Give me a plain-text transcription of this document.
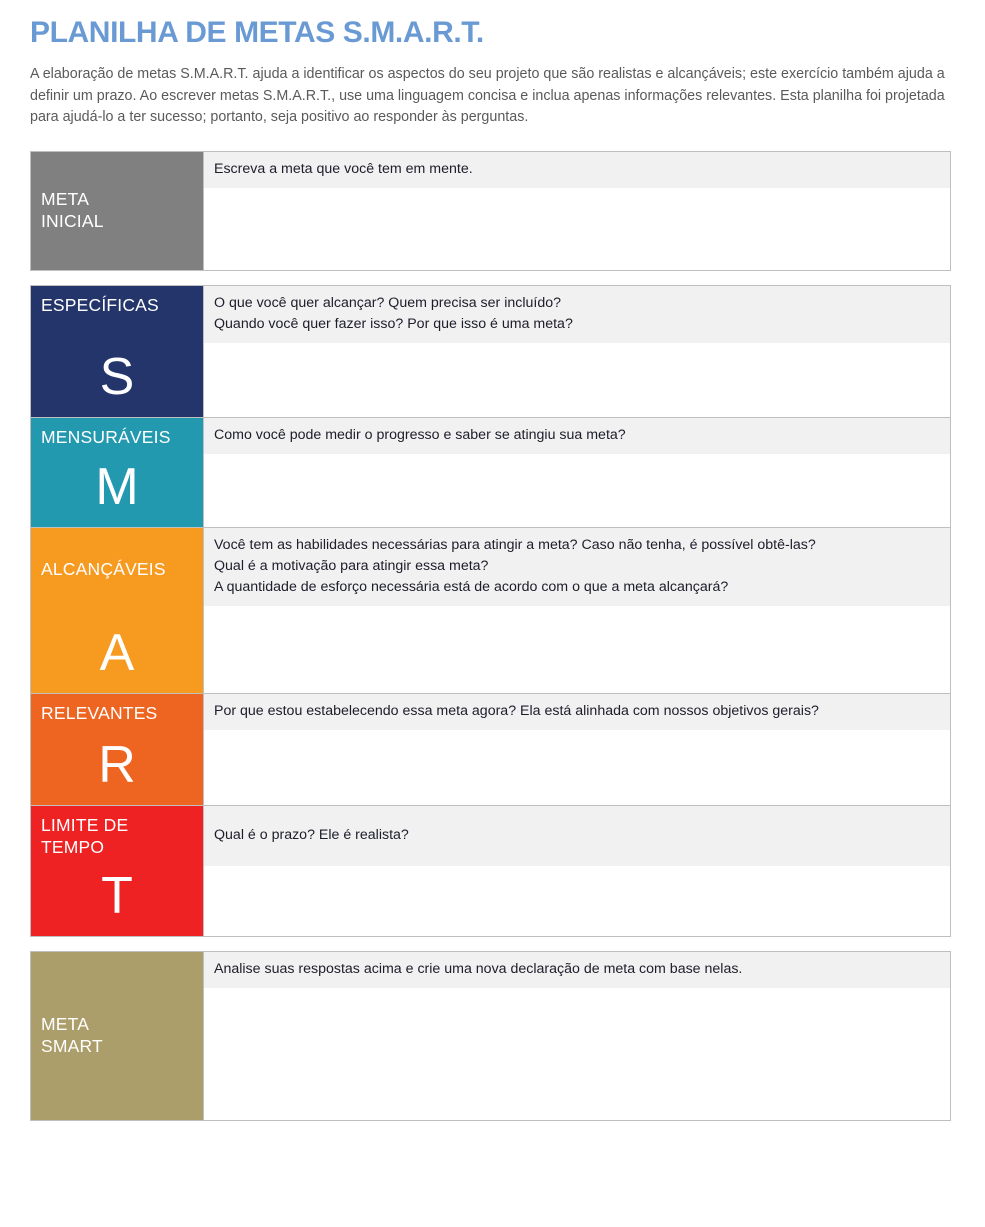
PLANILHA DE METAS S.M.A.R.T.

A elaboração de metas S.M.A.R.T. ajuda a identificar os aspectos do seu projeto que são realistas e alcançáveis; este exercício também ajuda a definir um prazo. Ao escrever metas S.M.A.R.T., use uma linguagem concisa e inclua apenas informações relevantes. Esta planilha foi projetada para ajudá-lo a ter sucesso; portanto, seja positivo ao responder às perguntas.

META
INICIAL
Escreva a meta que você tem em mente.
ESPECÍFICAS
S
O que você quer alcançar? Quem precisa ser incluído?
Quando você quer fazer isso? Por que isso é uma meta?
MENSURÁVEIS
M
Como você pode medir o progresso e saber se atingiu sua meta?
ALCANÇÁVEIS
A
Você tem as habilidades necessárias para atingir a meta? Caso não tenha, é possível obtê-las?
Qual é a motivação para atingir essa meta?
A quantidade de esforço necessária está de acordo com o que a meta alcançará?
RELEVANTES
R
Por que estou estabelecendo essa meta agora? Ela está alinhada com nossos objetivos gerais?
LIMITE DE
TEMPO
T
Qual é o prazo? Ele é realista?
META
SMART
Analise suas respostas acima e crie uma nova declaração de meta com base nelas.
